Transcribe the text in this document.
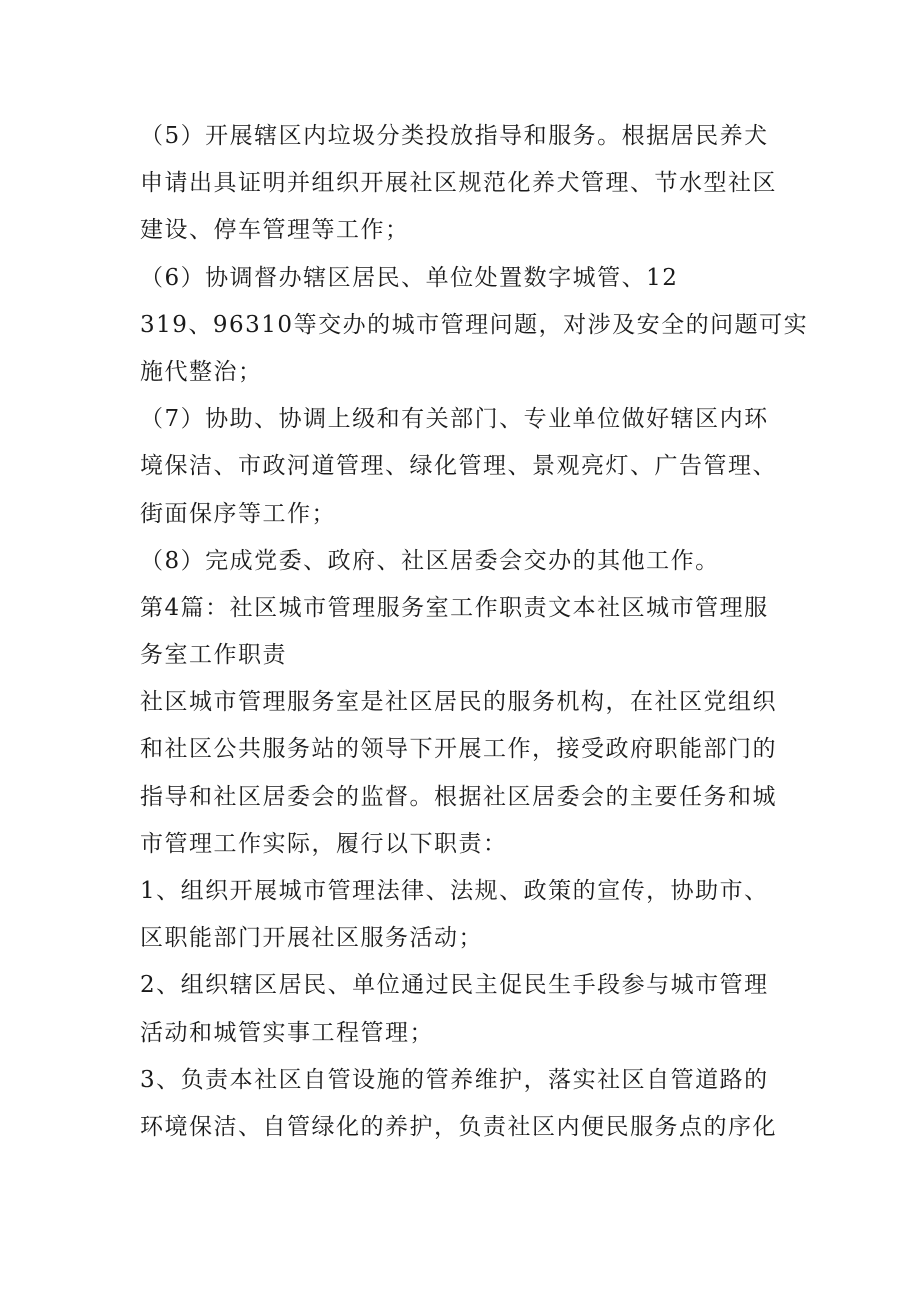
（5）开展辖区内垃圾分类投放指导和服务。根据居民养犬
申请出具证明并组织开展社区规范化养犬管理、节水型社区
建设、停车管理等工作；
（6）协调督办辖区居民、单位处置数字城管、12
319、96310等交办的城市管理问题，对涉及安全的问题可实
施代整治；
（7）协助、协调上级和有关部门、专业单位做好辖区内环
境保洁、市政河道管理、绿化管理、景观亮灯、广告管理、
街面保序等工作；
（8）完成党委、政府、社区居委会交办的其他工作。
第4篇：社区城市管理服务室工作职责文本社区城市管理服
务室工作职责
社区城市管理服务室是社区居民的服务机构，在社区党组织
和社区公共服务站的领导下开展工作，接受政府职能部门的
指导和社区居委会的监督。根据社区居委会的主要任务和城
市管理工作实际，履行以下职责：
1、组织开展城市管理法律、法规、政策的宣传，协助市、
区职能部门开展社区服务活动；
2、组织辖区居民、单位通过民主促民生手段参与城市管理
活动和城管实事工程管理；
3、负责本社区自管设施的管养维护，落实社区自管道路的
环境保洁、自管绿化的养护，负责社区内便民服务点的序化
